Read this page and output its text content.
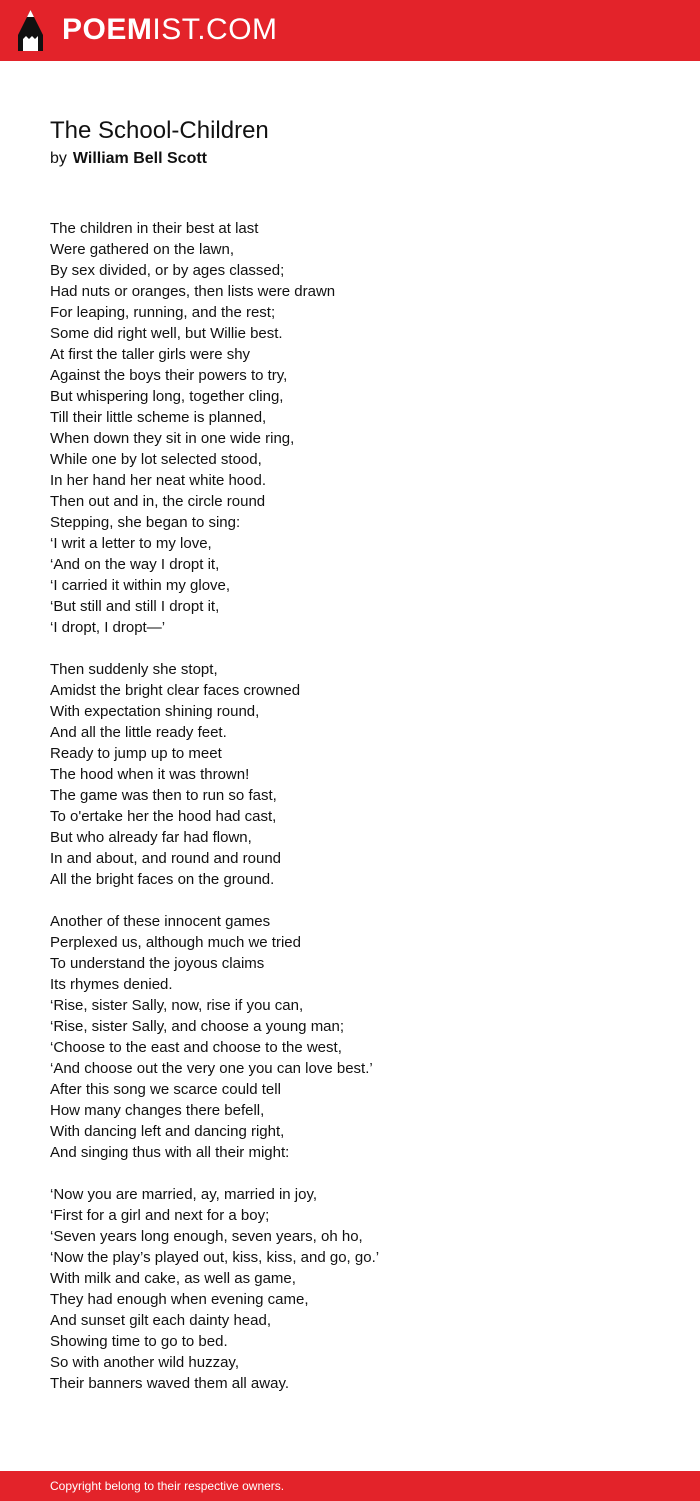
POEMIST.COM
The School-Children
by William Bell Scott
The children in their best at last
Were gathered on the lawn,
By sex divided, or by ages classed;
Had nuts or oranges, then lists were drawn
For leaping, running, and the rest;
Some did right well, but Willie best.
At first the taller girls were shy
Against the boys their powers to try,
But whispering long, together cling,
Till their little scheme is planned,
When down they sit in one wide ring,
While one by lot selected stood,
In her hand her neat white hood.
Then out and in, the circle round
Stepping, she began to sing:
‘I writ a letter to my love,
‘And on the way I dropt it,
‘I carried it within my glove,
‘But still and still I dropt it,
‘I dropt, I dropt—’
Then suddenly she stopt,
Amidst the bright clear faces crowned
With expectation shining round,
And all the little ready feet.
Ready to jump up to meet
The hood when it was thrown!
The game was then to run so fast,
To o'ertake her the hood had cast,
But who already far had flown,
In and about, and round and round
All the bright faces on the ground.
Another of these innocent games
Perplexed us, although much we tried
To understand the joyous claims
Its rhymes denied.
‘Rise, sister Sally, now, rise if you can,
‘Rise, sister Sally, and choose a young man;
‘Choose to the east and choose to the west,
‘And choose out the very one you can love best.’
After this song we scarce could tell
How many changes there befell,
With dancing left and dancing right,
And singing thus with all their might:
‘Now you are married, ay, married in joy,
‘First for a girl and next for a boy;
‘Seven years long enough, seven years, oh ho,
‘Now the play’s played out, kiss, kiss, and go, go.’
With milk and cake, as well as game,
They had enough when evening came,
And sunset gilt each dainty head,
Showing time to go to bed.
So with another wild huzzay,
Their banners waved them all away.
Copyright belong to their respective owners.
